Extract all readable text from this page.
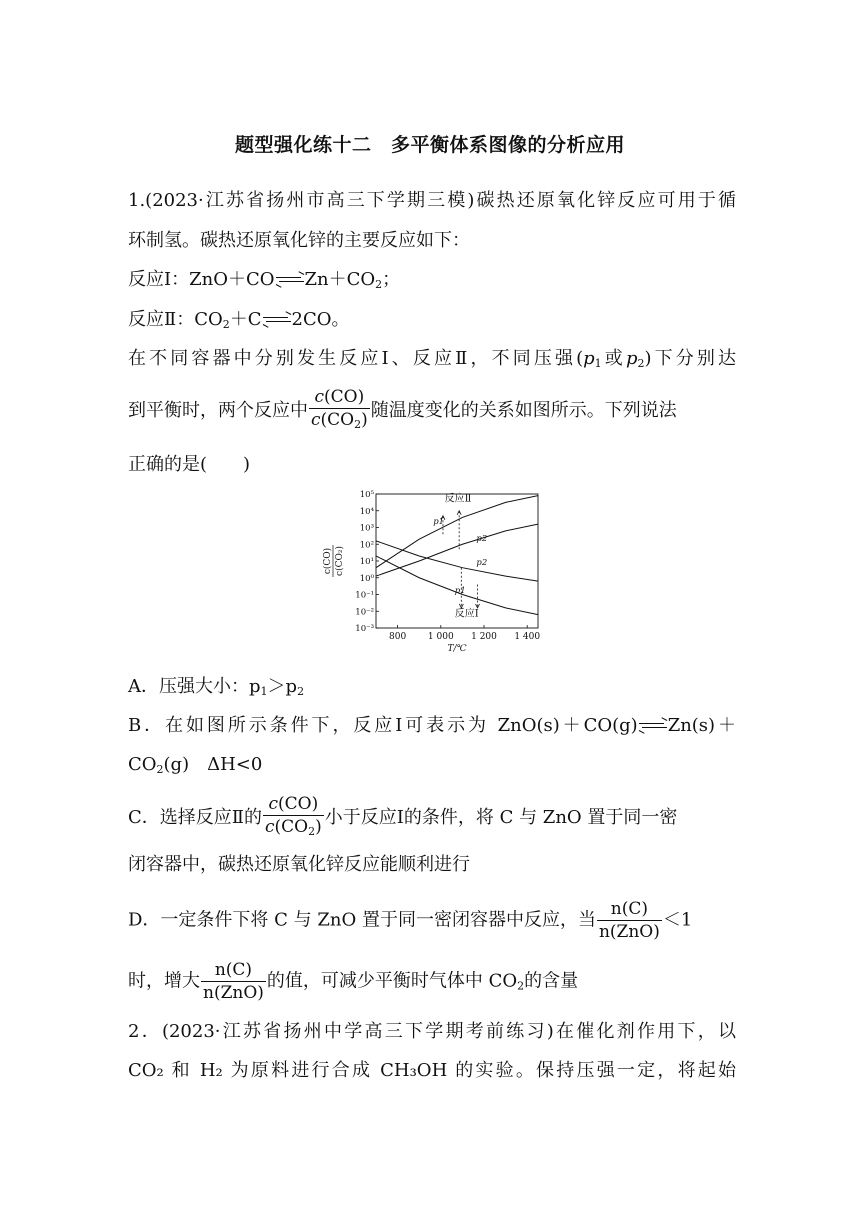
题型强化练十二　多平衡体系图像的分析应用
1.(2023·江苏省扬州市高三下学期三模)碳热还原氧化锌反应可用于循
环制氢。碳热还原氧化锌的主要反应如下：
反应Ⅰ：ZnO＋CO $Zn+CO_2$；
反应Ⅱ：$CO_2+C$ 2CO。
在不同容器中分别发生反应Ⅰ、反应Ⅱ，不同压强($p_1$或$p_2$)下分别达
到平衡时，两个反应中 $\frac{c(CO)}{c(CO_2)}$ 随温度变化的关系如图所示。下列说法
正确的是(　　)
10⁵
10⁴
10³
10²
10¹
10⁰
10⁻¹
10⁻²
10⁻³
800 1 000 1 200 1 400
T/℃
c(CO) c(CO₂)
反应Ⅱ
反应Ⅰ
p1
p2
p2
p1
A．压强大小：$p_1>p_2$
B．在如图所示条件下，反应Ⅰ可表示为 ZnO(s)＋CO(g) Zn(s)＋
$CO_2(g)$　ΔH<0
C．选择反应Ⅱ的 $\frac{c(CO)}{c(CO_2)}$ 小于反应Ⅰ的条件，将 C 与 ZnO 置于同一密
闭容器中，碳热还原氧化锌反应能顺利进行
D．一定条件下将 C 与 ZnO 置于同一密闭容器中反应，当 $\frac{n(C)}{\text{n(ZnO)}} <1$
时，增大 $\frac{n(C)}{\text{n(ZnO)}}$ 的值，可减少平衡时气体中 $CO_2$的含量
2．(2023·江苏省扬州中学高三下学期考前练习)在催化剂作用下，以
CO₂ 和 H₂ 为原料进行合成 CH₃OH 的实验。保持压强一定，将起始
